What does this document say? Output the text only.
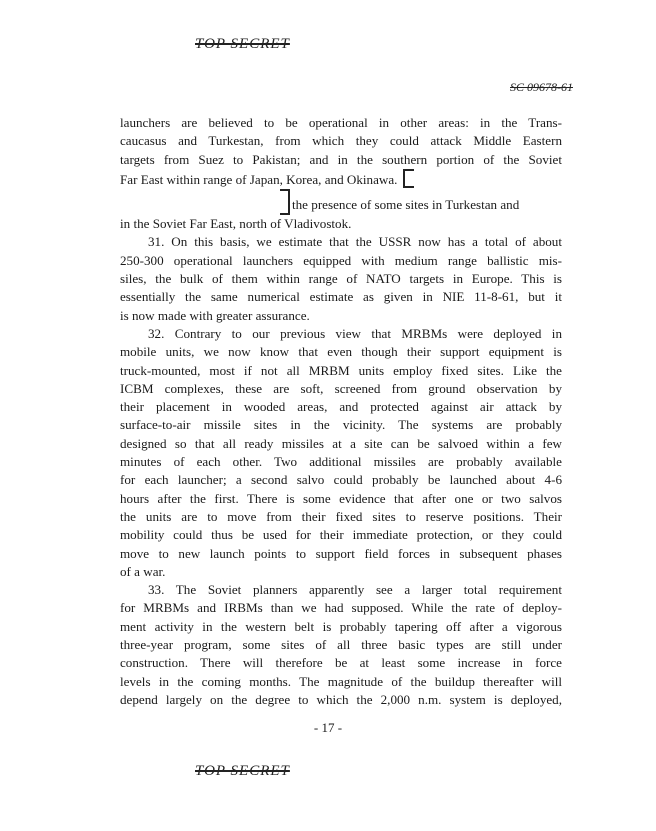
TOP SECRET
SC 09678-61

launchers are believed to be operational in other areas: in the Trans-
caucasus and Turkestan, from which they could attack Middle Eastern
targets from Suez to Pakistan; and in the southern portion of the Soviet
Far East within range of Japan, Korea, and Okinawa.
the presence of some sites in Turkestan and
in the Soviet Far East, north of Vladivostok.

31. On this basis, we estimate that the USSR now has a total of about
250-300 operational launchers equipped with medium range ballistic mis-
siles, the bulk of them within range of NATO targets in Europe. This is
essentially the same numerical estimate as given in NIE 11-8-61, but it
is now made with greater assurance.

32. Contrary to our previous view that MRBMs were deployed in
mobile units, we now know that even though their support equipment is
truck-mounted, most if not all MRBM units employ fixed sites. Like the
ICBM complexes, these are soft, screened from ground observation by
their placement in wooded areas, and protected against air attack by
surface-to-air missile sites in the vicinity. The systems are probably
designed so that all ready missiles at a site can be salvoed within a few
minutes of each other. Two additional missiles are probably available
for each launcher; a second salvo could probably be launched about 4-6
hours after the first. There is some evidence that after one or two salvos
the units are to move from their fixed sites to reserve positions. Their
mobility could thus be used for their immediate protection, or they could
move to new launch points to support field forces in subsequent phases
of a war.

33. The Soviet planners apparently see a larger total requirement
for MRBMs and IRBMs than we had supposed. While the rate of deploy-
ment activity in the western belt is probably tapering off after a vigorous
three-year program, some sites of all three basic types are still under
construction. There will therefore be at least some increase in force
levels in the coming months. The magnitude of the buildup thereafter will
depend largely on the degree to which the 2,000 n.m. system is deployed,

- 17 -
TOP SECRET
